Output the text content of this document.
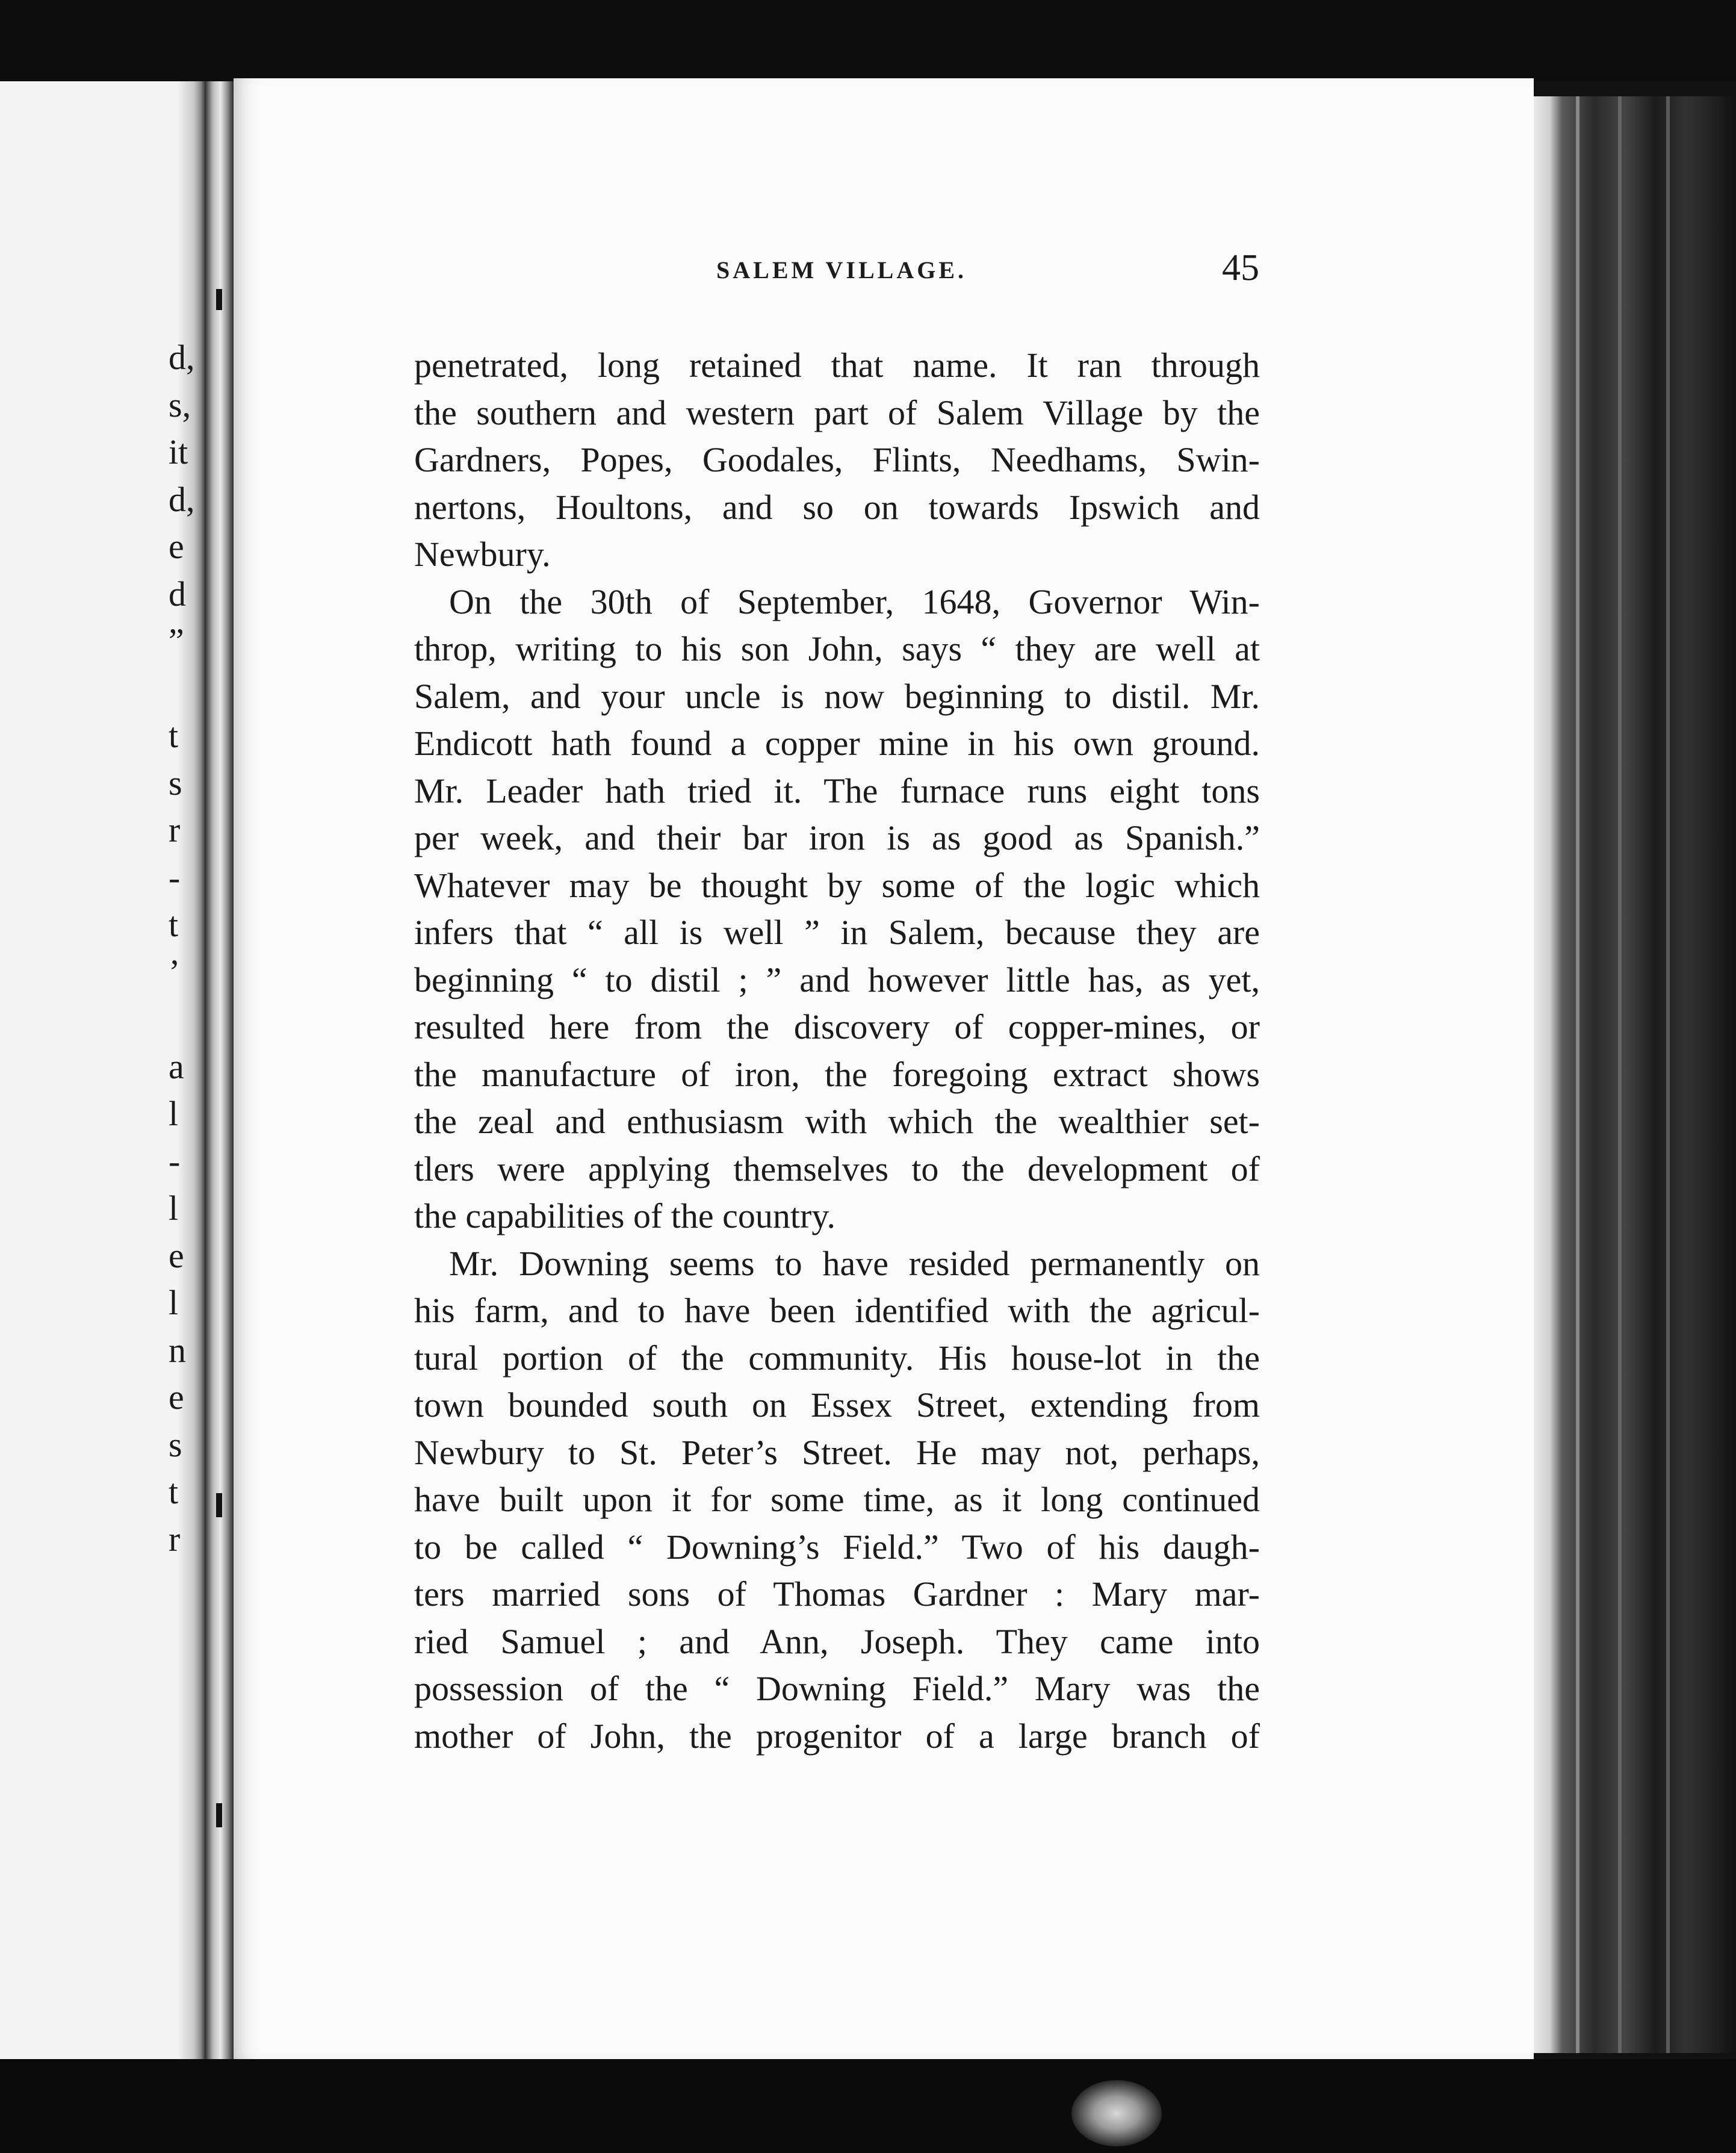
d,
s,
it
d,
e
d
”
t
s
r
-
t
’
a
l
-
l
e
l
n
e
s
t
r
SALEM VILLAGE.	45
penetrated, long retained that name. It ran through
the southern and western part of Salem Village by the
Gardners, Popes, Goodales, Flints, Needhams, Swin-
nertons, Houltons, and so on towards Ipswich and
Newbury.
On the 30th of September, 1648, Governor Win-
throp, writing to his son John, says “ they are well at
Salem, and your uncle is now beginning to distil. Mr.
Endicott hath found a copper mine in his own ground.
Mr. Leader hath tried it. The furnace runs eight tons
per week, and their bar iron is as good as Spanish.”
Whatever may be thought by some of the logic which
infers that “ all is well ” in Salem, because they are
beginning “ to distil ; ” and however little has, as yet,
resulted here from the discovery of copper-mines, or
the manufacture of iron, the foregoing extract shows
the zeal and enthusiasm with which the wealthier set-
tlers were applying themselves to the development of
the capabilities of the country.
Mr. Downing seems to have resided permanently on
his farm, and to have been identified with the agricul-
tural portion of the community. His house-lot in the
town bounded south on Essex Street, extending from
Newbury to St. Peter’s Street. He may not, perhaps,
have built upon it for some time, as it long continued
to be called “ Downing’s Field.” Two of his daugh-
ters married sons of Thomas Gardner : Mary mar-
ried Samuel ; and Ann, Joseph. They came into
possession of the “ Downing Field.” Mary was the
mother of John, the progenitor of a large branch of
